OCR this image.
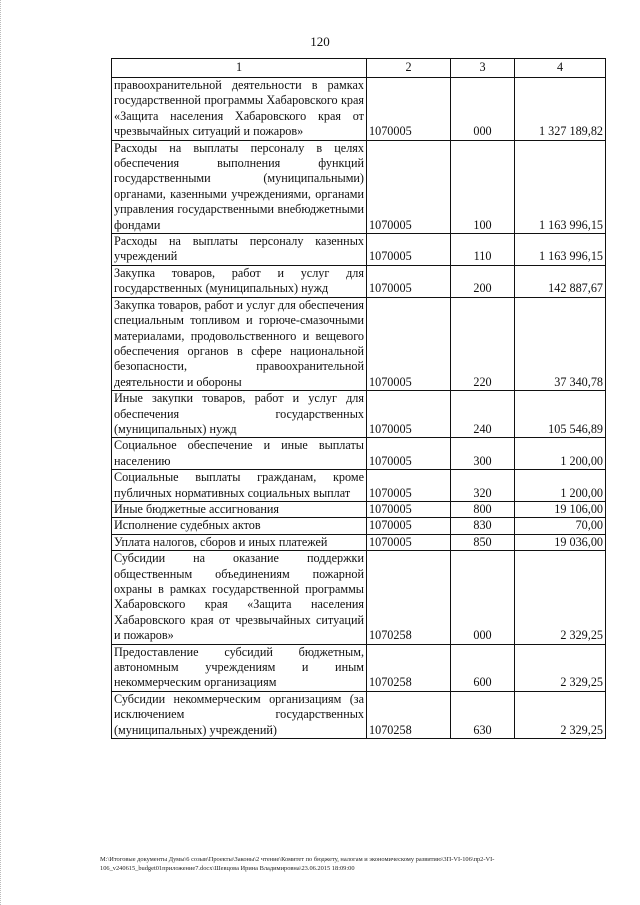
120
1	2	3	4
правоохранительной деятельности в рамках государственной программы Хабаровского края «Защита населения Хабаровского края от чрезвычайных ситуаций и пожаров»	1070005	000	1 327 189,82
Расходы на выплаты персоналу в целях обеспечения выполнения функций государственными (муниципальными) органами, казенными учреждениями, органами управления государственными внебюджетными фондами	1070005	100	1 163 996,15
Расходы на выплаты персоналу казенных учреждений	1070005	110	1 163 996,15
Закупка товаров, работ и услуг для государственных (муниципальных) нужд	1070005	200	142 887,67
Закупка товаров, работ и услуг для обеспечения специальным топливом и горюче-смазочными материалами, продовольственного и вещевого обеспечения органов в сфере национальной безопасности, правоохранительной деятельности и обороны	1070005	220	37 340,78
Иные закупки товаров, работ и услуг для обеспечения государственных (муниципальных) нужд	1070005	240	105 546,89
Социальное обеспечение и иные выплаты населению	1070005	300	1 200,00
Социальные выплаты гражданам, кроме публичных нормативных социальных выплат	1070005	320	1 200,00
Иные бюджетные ассигнования	1070005	800	19 106,00
Исполнение судебных актов	1070005	830	70,00
Уплата налогов, сборов и иных платежей	1070005	850	19 036,00
Субсидии на оказание поддержки общественным объединениям пожарной охраны в рамках государственной программы Хабаровского края «Защита населения Хабаровского края от чрезвычайных ситуаций и пожаров»	1070258	000	2 329,25
Предоставление субсидий бюджетным, автономным учреждениям и иным некоммерческим организациям	1070258	600	2 329,25
Субсидии некоммерческим организациям (за исключением государственных (муниципальных) учреждений)	1070258	630	2 329,25
M:\Итоговые документы Думы\6 созыв\Проекты\Законы\2 чтение\Комитет по бюджету, налогам и экономическому развитию\3П-VI-106\пр2-VI-
106_v240615_budget01приложение7.docx\Шевцова Ирина Владимировна\23.06.2015 18:09:00
